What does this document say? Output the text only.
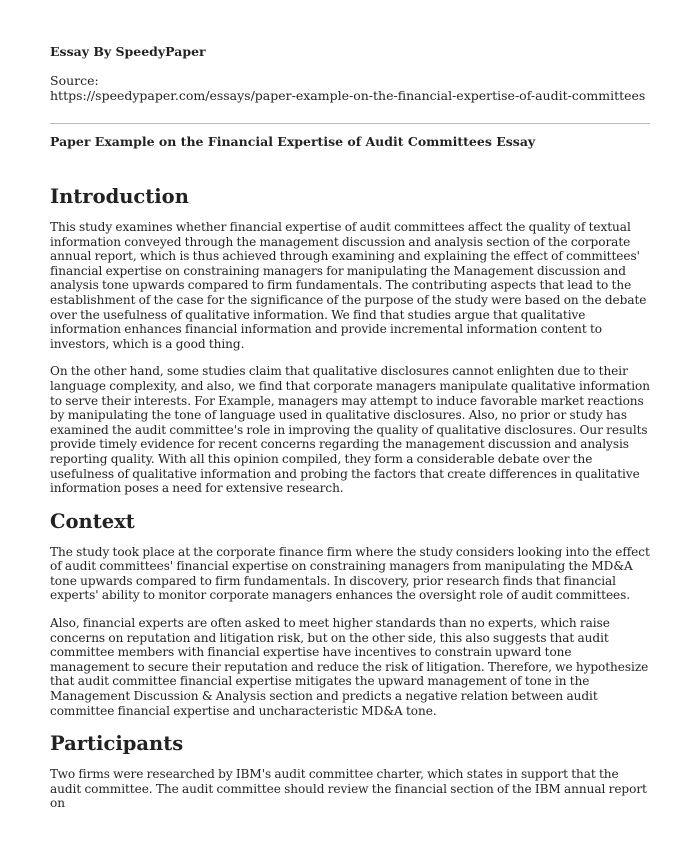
Essay By SpeedyPaper
Source:
https://speedypaper.com/essays/paper-example-on-the-financial-expertise-of-audit-committees
Paper Example on the Financial Expertise of Audit Committees Essay
Introduction

This study examines whether financial expertise of audit committees affect the quality of textual information conveyed through the management discussion and analysis section of the corporate annual report, which is thus achieved through examining and explaining the effect of committees' financial expertise on constraining managers for manipulating the Management discussion and analysis tone upwards compared to firm fundamentals. The contributing aspects that lead to the establishment of the case for the significance of the purpose of the study were based on the debate over the usefulness of qualitative information. We find that studies argue that qualitative information enhances financial information and provide incremental information content to investors, which is a good thing.

On the other hand, some studies claim that qualitative disclosures cannot enlighten due to their language complexity, and also, we find that corporate managers manipulate qualitative information to serve their interests. For Example, managers may attempt to induce favorable market reactions by manipulating the tone of language used in qualitative disclosures. Also, no prior or study has examined the audit committee's role in improving the quality of qualitative disclosures. Our results provide timely evidence for recent concerns regarding the management discussion and analysis reporting quality. With all this opinion compiled, they form a considerable debate over the usefulness of qualitative information and probing the factors that create differences in qualitative information poses a need for extensive research.

Context

The study took place at the corporate finance firm where the study considers looking into the effect of audit committees' financial expertise on constraining managers from manipulating the MD&A tone upwards compared to firm fundamentals. In discovery, prior research finds that financial experts' ability to monitor corporate managers enhances the oversight role of audit committees.

Also, financial experts are often asked to meet higher standards than no experts, which raise concerns on reputation and litigation risk, but on the other side, this also suggests that audit committee members with financial expertise have incentives to constrain upward tone management to secure their reputation and reduce the risk of litigation. Therefore, we hypothesize that audit committee financial expertise mitigates the upward management of tone in the Management Discussion & Analysis section and predicts a negative relation between audit committee financial expertise and uncharacteristic MD&A tone.

Participants

Two firms were researched by IBM's audit committee charter, which states in support that the audit committee. The audit committee should review the financial section of the IBM annual report on
